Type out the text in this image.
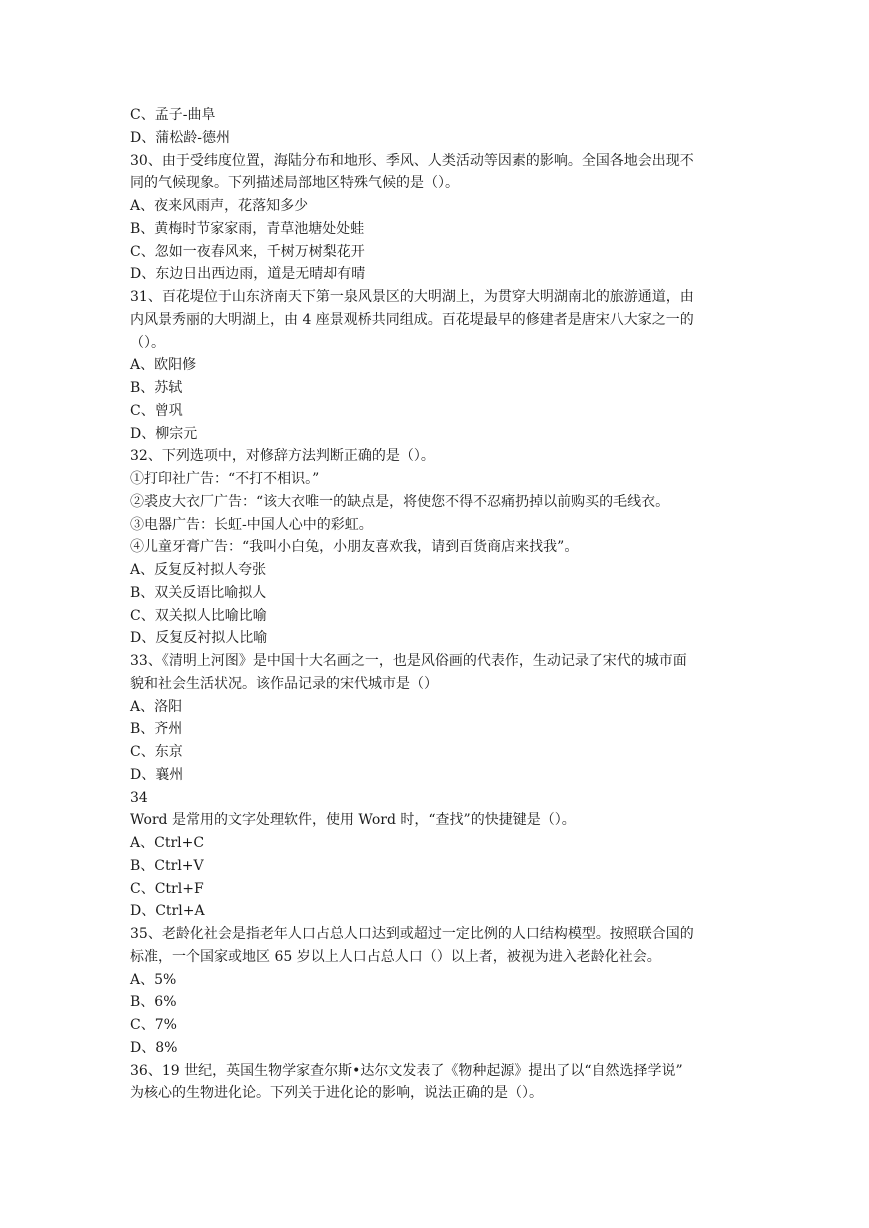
C、孟子-曲阜
D、蒲松龄-德州
30、由于受纬度位置，海陆分布和地形、季风、人类活动等因素的影响。全国各地会出现不
同的气候现象。下列描述局部地区特殊气候的是（）。
A、夜来风雨声，花落知多少
B、黄梅时节家家雨，青草池塘处处蛙
C、忽如一夜春风来，千树万树梨花开
D、东边日出西边雨，道是无晴却有晴
31、百花堤位于山东济南天下第一泉风景区的大明湖上，为贯穿大明湖南北的旅游通道，由
内风景秀丽的大明湖上，由 4 座景观桥共同组成。百花堤最早的修建者是唐宋八大家之一的
（）。
A、欧阳修
B、苏轼
C、曾巩
D、柳宗元
32、下列选项中，对修辞方法判断正确的是（）。
①打印社广告：“不打不相识。”
②裘皮大衣厂广告：“该大衣唯一的缺点是，将使您不得不忍痛扔掉以前购买的毛线衣。
③电器广告：长虹-中国人心中的彩虹。
④儿童牙膏广告：“我叫小白兔，小朋友喜欢我，请到百货商店来找我”。
A、反复反衬拟人夸张
B、双关反语比喻拟人
C、双关拟人比喻比喻
D、反复反衬拟人比喻
33、《清明上河图》是中国十大名画之一，也是风俗画的代表作，生动记录了宋代的城市面
貌和社会生活状况。该作品记录的宋代城市是（）
A、洛阳
B、齐州
C、东京
D、襄州
34
Word 是常用的文字处理软件，使用 Word 时，“查找”的快捷键是（）。
A、Ctrl+C
B、Ctrl+V
C、Ctrl+F
D、Ctrl+A
35、老龄化社会是指老年人口占总人口达到或超过一定比例的人口结构模型。按照联合国的
标准，一个国家或地区 65 岁以上人口占总人口（）以上者，被视为进入老龄化社会。
A、5%
B、6%
C、7%
D、8%
36、19 世纪，英国生物学家查尔斯•达尔文发表了《物种起源》提出了以“自然选择学说”
为核心的生物进化论。下列关于进化论的影响，说法正确的是（）。
